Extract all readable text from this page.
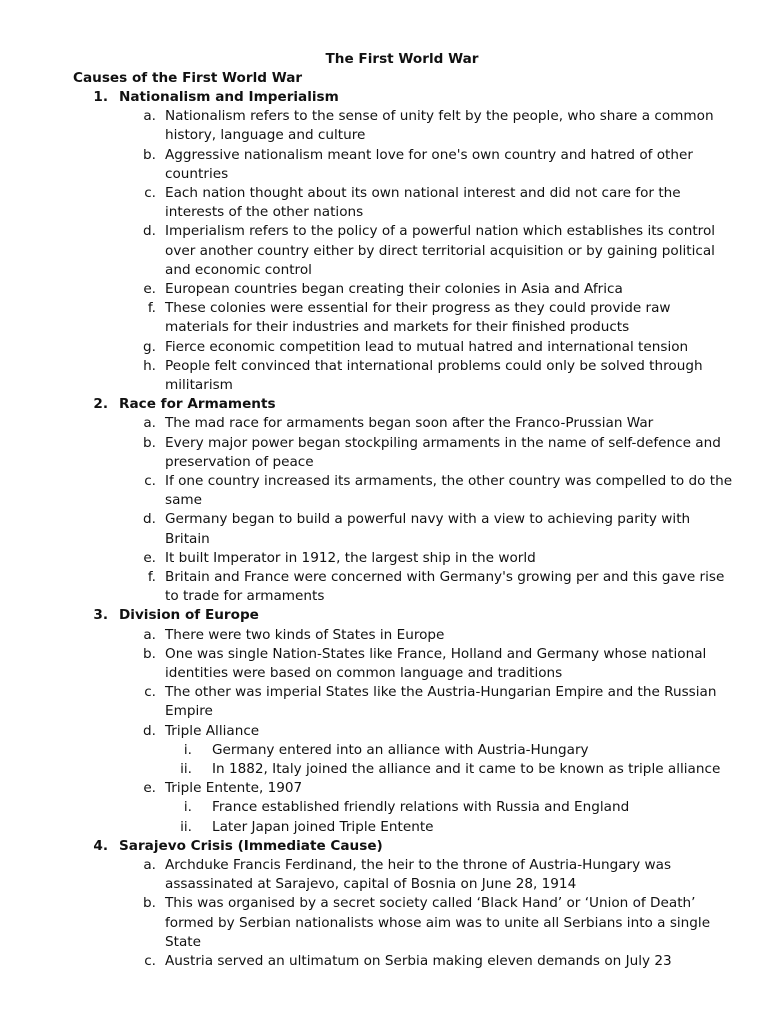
The First World War
Causes of the First World War
1. Nationalism and Imperialism
a. Nationalism refers to the sense of unity felt by the people, who share a common history, language and culture
b. Aggressive nationalism meant love for one's own country and hatred of other countries
c. Each nation thought about its own national interest and did not care for the interests of the other nations
d. Imperialism refers to the policy of a powerful nation which establishes its control over another country either by direct territorial acquisition or by gaining political and economic control
e. European countries began creating their colonies in Asia and Africa
f. These colonies were essential for their progress as they could provide raw materials for their industries and markets for their finished products
g. Fierce economic competition lead to mutual hatred and international tension
h. People felt convinced that international problems could only be solved through militarism
2. Race for Armaments
a. The mad race for armaments began soon after the Franco-Prussian War
b. Every major power began stockpiling armaments in the name of self-defence and preservation of peace
c. If one country increased its armaments, the other country was compelled to do the same
d. Germany began to build a powerful navy with a view to achieving parity with Britain
e. It built Imperator in 1912, the largest ship in the world
f. Britain and France were concerned with Germany's growing per and this gave rise to trade for armaments
3. Division of Europe
a. There were two kinds of States in Europe
b. One was single Nation-States like France, Holland and Germany whose national identities were based on common language and traditions
c. The other was imperial States like the Austria-Hungarian Empire and the Russian Empire
d. Triple Alliance
i. Germany entered into an alliance with Austria-Hungary
ii. In 1882, Italy joined the alliance and it came to be known as triple alliance
e. Triple Entente, 1907
i. France established friendly relations with Russia and England
ii. Later Japan joined Triple Entente
4. Sarajevo Crisis (Immediate Cause)
a. Archduke Francis Ferdinand, the heir to the throne of Austria-Hungary was assassinated at Sarajevo, capital of Bosnia on June 28, 1914
b. This was organised by a secret society called ‘Black Hand’ or ‘Union of Death’ formed by Serbian nationalists whose aim was to unite all Serbians into a single State
c. Austria served an ultimatum on Serbia making eleven demands on July 23
